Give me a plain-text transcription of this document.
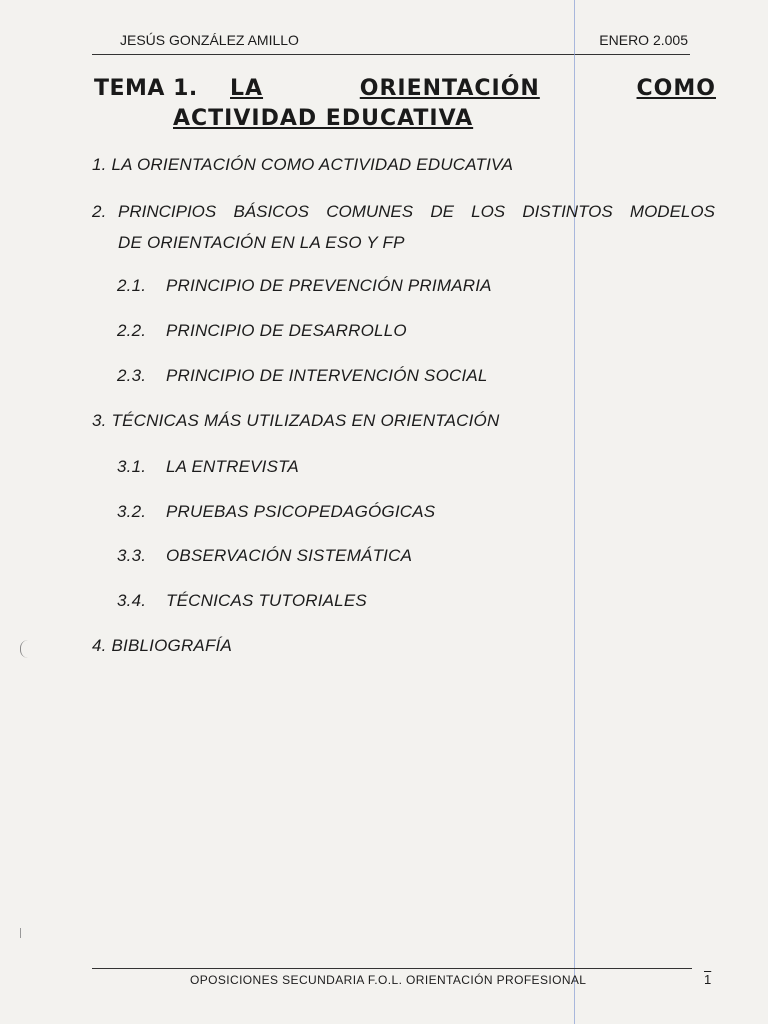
JESÚS GONZÁLEZ AMILLO	ENERO 2.005
TEMA 1. LA	ORIENTACIÓN	COMO
ACTIVIDAD EDUCATIVA
1. LA ORIENTACIÓN COMO ACTIVIDAD EDUCATIVA
2. PRINCIPIOS BÁSICOS COMUNES DE LOS DISTINTOS MODELOS
DE ORIENTACIÓN EN LA ESO Y FP
2.1. PRINCIPIO DE PREVENCIÓN PRIMARIA
2.2. PRINCIPIO DE DESARROLLO
2.3. PRINCIPIO DE INTERVENCIÓN SOCIAL
3. TÉCNICAS MÁS UTILIZADAS EN ORIENTACIÓN
3.1. LA ENTREVISTA
3.2. PRUEBAS PSICOPEDAGÓGICAS
3.3. OBSERVACIÓN SISTEMÁTICA
3.4. TÉCNICAS TUTORIALES
4. BIBLIOGRAFÍA
OPOSICIONES SECUNDARIA F.O.L. ORIENTACIÓN PROFESIONAL	1
